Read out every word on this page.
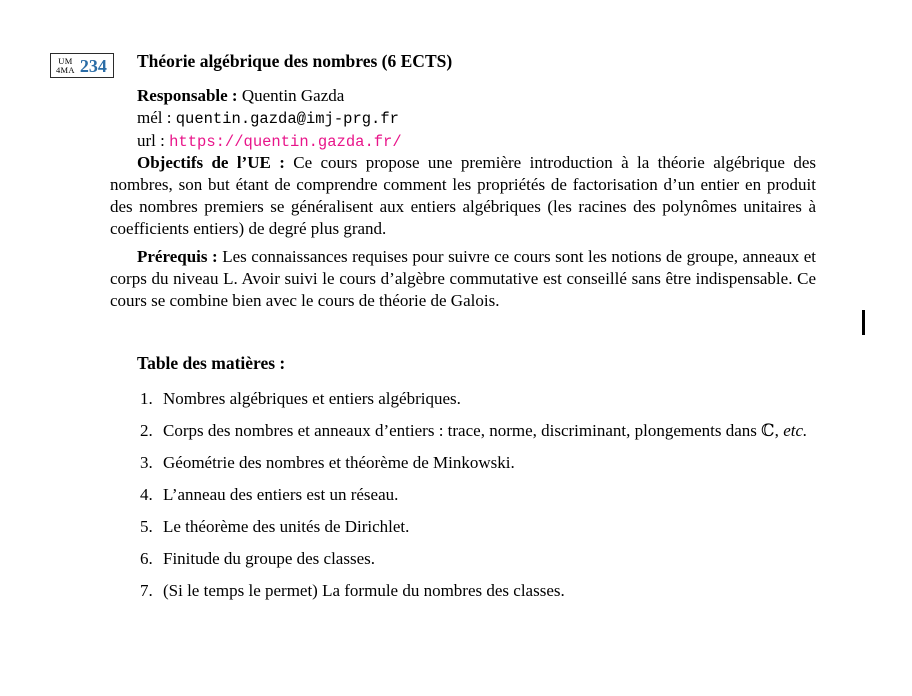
UM
4MA 234 Théorie algébrique des nombres (6 ECTS)
Responsable : Quentin Gazda
mél : quentin.gazda@imj-prg.fr
url : https://quentin.gazda.fr/

Objectifs de l’UE : Ce cours propose une première introduction à la théorie algébrique des nombres, son but étant de comprendre comment les propriétés de factorisation d’un entier en produit des nombres premiers se généralisent aux entiers algébriques (les racines des polynômes unitaires à coefficients entiers) de degré plus grand.

Prérequis : Les connaissances requises pour suivre ce cours sont les notions de groupe, anneaux et corps du niveau L. Avoir suivi le cours d’algèbre commutative est conseillé sans être indispensable. Ce cours se combine bien avec le cours de théorie de Galois.

Table des matières :
1. Nombres algébriques et entiers algébriques.
2. Corps des nombres et anneaux d’entiers : trace, norme, discriminant, plongements dans ℂ, etc.
3. Géométrie des nombres et théorème de Minkowski.
4. L’anneau des entiers est un réseau.
5. Le théorème des unités de Dirichlet.
6. Finitude du groupe des classes.
7. (Si le temps le permet) La formule du nombres des classes.
